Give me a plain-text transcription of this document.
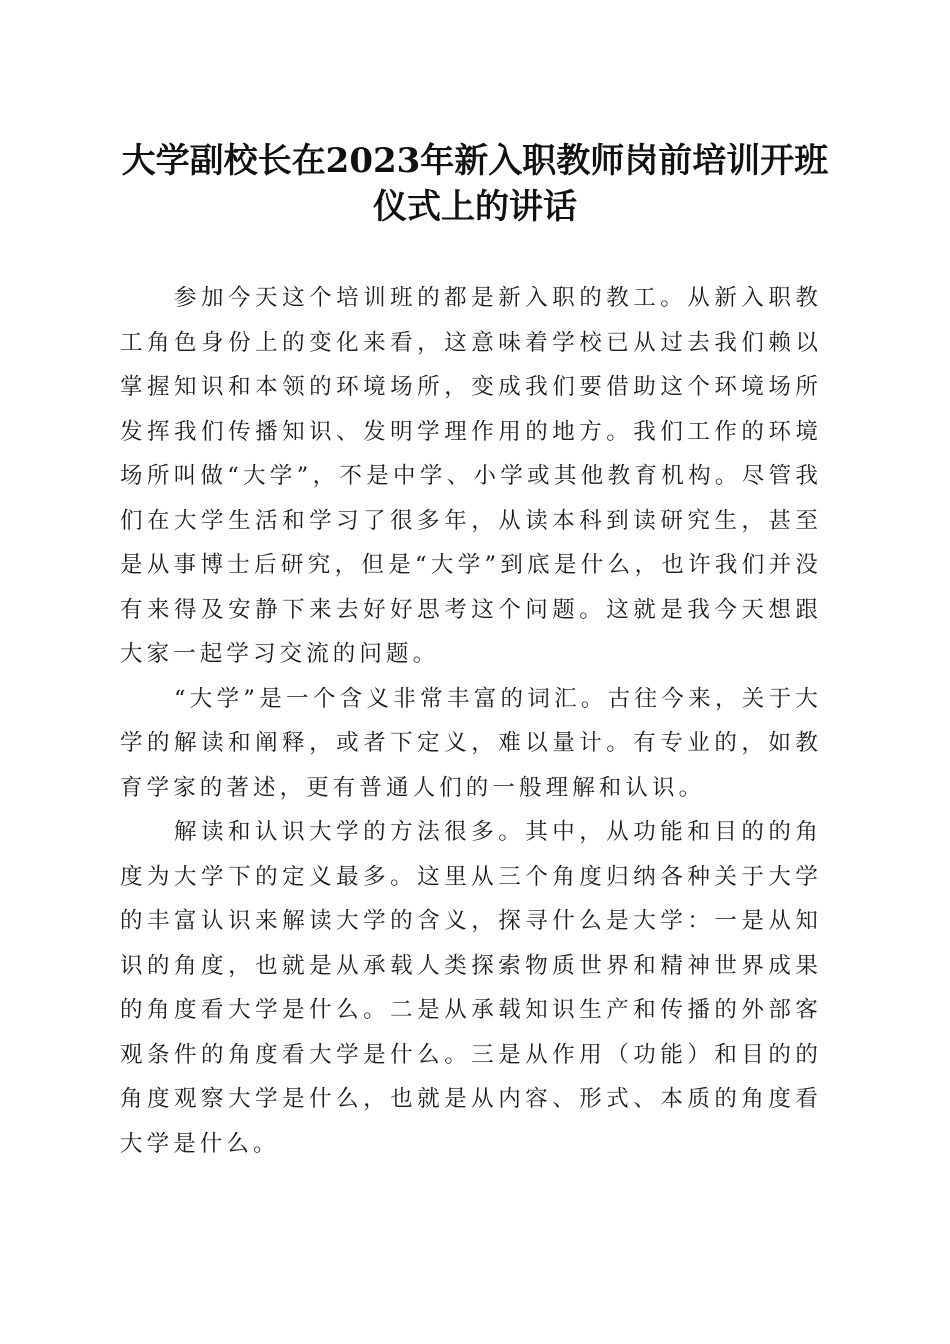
大学副校长在2023年新入职教师岗前培训开班仪式上的讲话

参加今天这个培训班的都是新入职的教工。从新入职教工角色身份上的变化来看，这意味着学校已从过去我们赖以掌握知识和本领的环境场所，变成我们要借助这个环境场所发挥我们传播知识、发明学理作用的地方。我们工作的环境场所叫做“大学”，不是中学、小学或其他教育机构。尽管我们在大学生活和学习了很多年，从读本科到读研究生，甚至是从事博士后研究，但是“大学”到底是什么，也许我们并没有来得及安静下来去好好思考这个问题。这就是我今天想跟大家一起学习交流的问题。

“大学”是一个含义非常丰富的词汇。古往今来，关于大学的解读和阐释，或者下定义，难以量计。有专业的，如教育学家的著述，更有普通人们的一般理解和认识。

解读和认识大学的方法很多。其中，从功能和目的的角度为大学下的定义最多。这里从三个角度归纳各种关于大学的丰富认识来解读大学的含义，探寻什么是大学：一是从知识的角度，也就是从承载人类探索物质世界和精神世界成果的角度看大学是什么。二是从承载知识生产和传播的外部客观条件的角度看大学是什么。三是从作用（功能）和目的的角度观察大学是什么，也就是从内容、形式、本质的角度看大学是什么。
